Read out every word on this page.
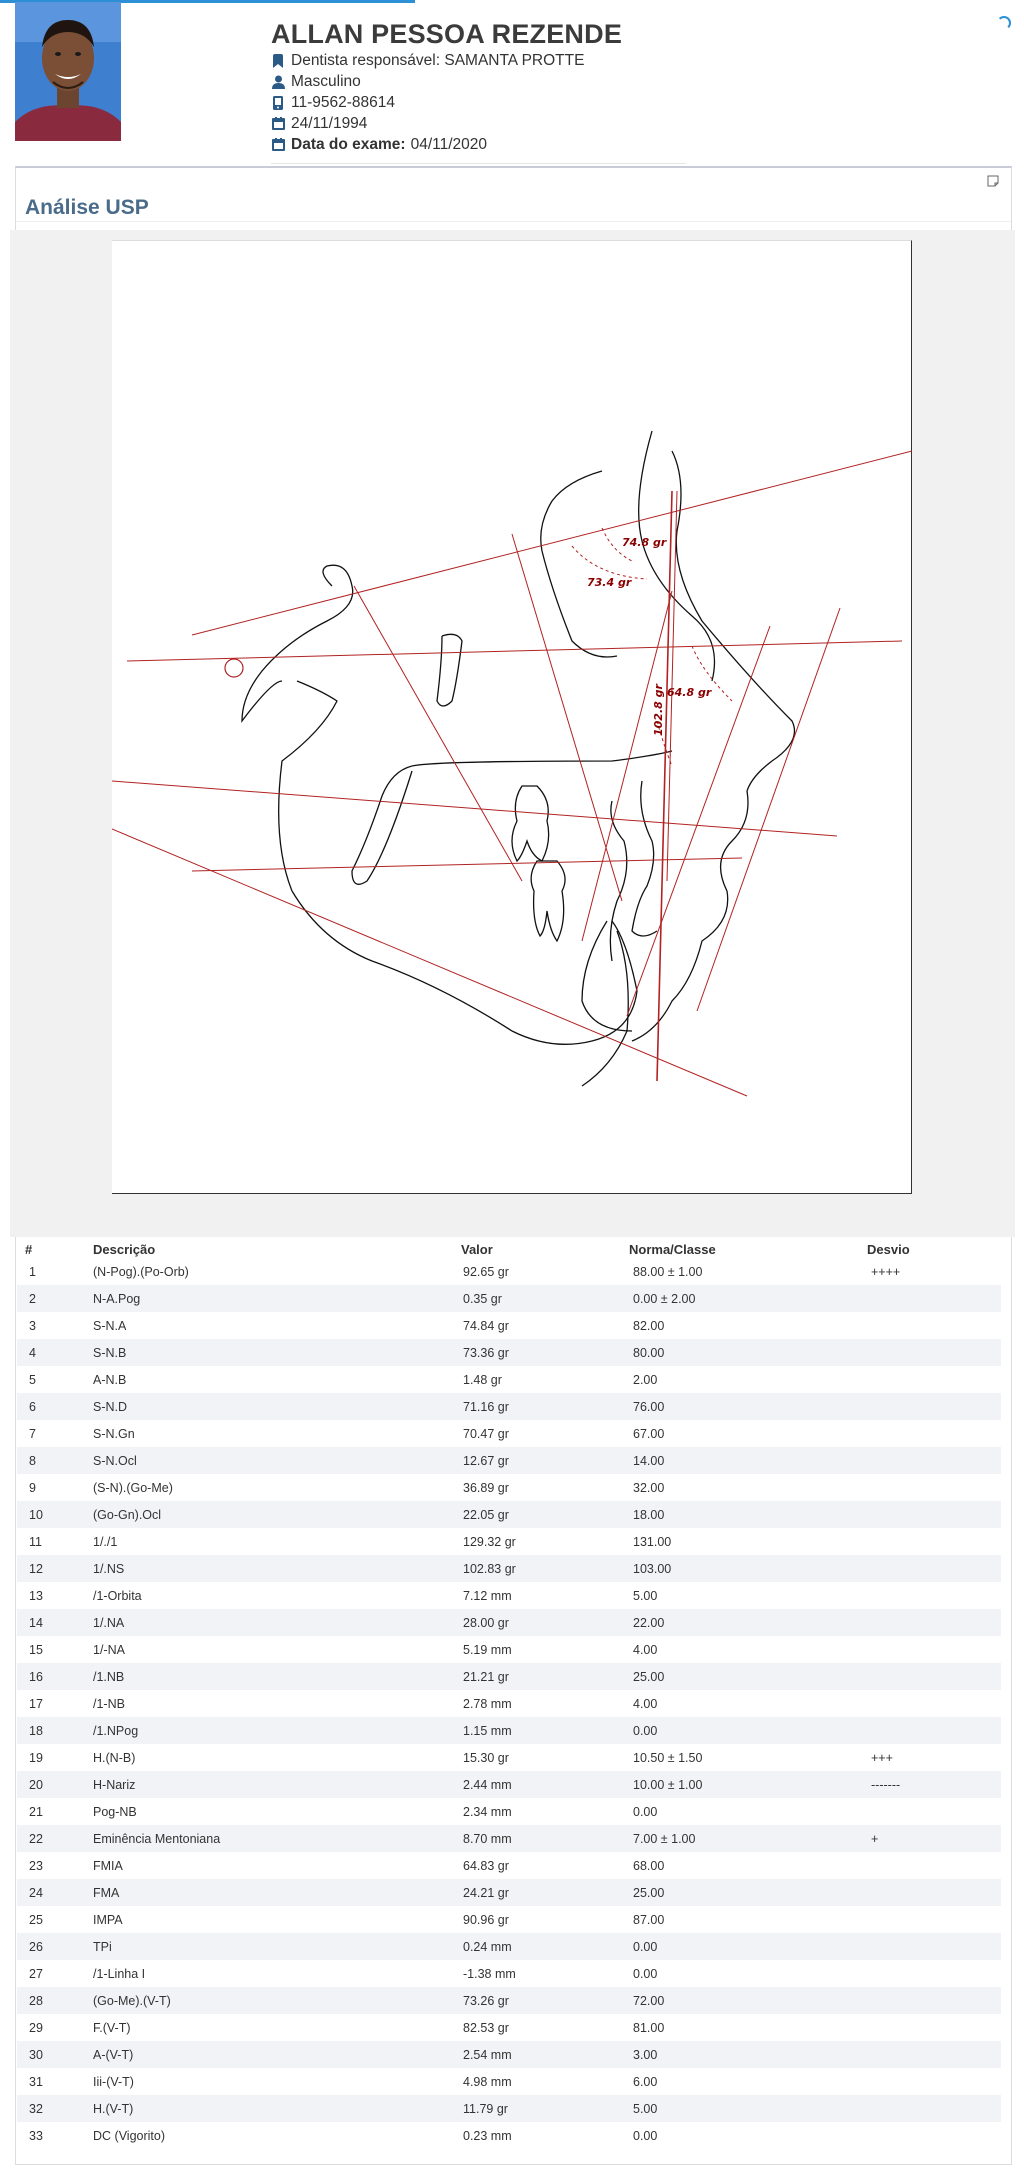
ALLAN PESSOA REZENDE
Dentista responsável: SAMANTA PROTTE
Masculino
11-9562-88614
24/11/1994
Data do exame: 04/11/2020
Análise USP
74.8 gr
73.4 gr
64.8 gr
102.8 gr
#	Descrição	Valor	Norma/Classe	Desvio
1	(N-Pog).(Po-Orb)	92.65 gr	88.00 ± 1.00	++++
2	N-A.Pog	0.35 gr	0.00 ± 2.00	
3	S-N.A	74.84 gr	82.00	
4	S-N.B	73.36 gr	80.00	
5	A-N.B	1.48 gr	2.00	
6	S-N.D	71.16 gr	76.00	
7	S-N.Gn	70.47 gr	67.00	
8	S-N.Ocl	12.67 gr	14.00	
9	(S-N).(Go-Me)	36.89 gr	32.00	
10	(Go-Gn).Ocl	22.05 gr	18.00	
11	1/./1	129.32 gr	131.00	
12	1/.NS	102.83 gr	103.00	
13	/1-Orbita	7.12 mm	5.00	
14	1/.NA	28.00 gr	22.00	
15	1/-NA	5.19 mm	4.00	
16	/1.NB	21.21 gr	25.00	
17	/1-NB	2.78 mm	4.00	
18	/1.NPog	1.15 mm	0.00	
19	H.(N-B)	15.30 gr	10.50 ± 1.50	+++
20	H-Nariz	2.44 mm	10.00 ± 1.00	-------
21	Pog-NB	2.34 mm	0.00	
22	Eminência Mentoniana	8.70 mm	7.00 ± 1.00	+
23	FMIA	64.83 gr	68.00	
24	FMA	24.21 gr	25.00	
25	IMPA	90.96 gr	87.00	
26	TPi	0.24 mm	0.00	
27	/1-Linha I	-1.38 mm	0.00	
28	(Go-Me).(V-T)	73.26 gr	72.00	
29	F.(V-T)	82.53 gr	81.00	
30	A-(V-T)	2.54 mm	3.00	
31	Iii-(V-T)	4.98 mm	6.00	
32	H.(V-T)	11.79 gr	5.00	
33	DC (Vigorito)	0.23 mm	0.00	
